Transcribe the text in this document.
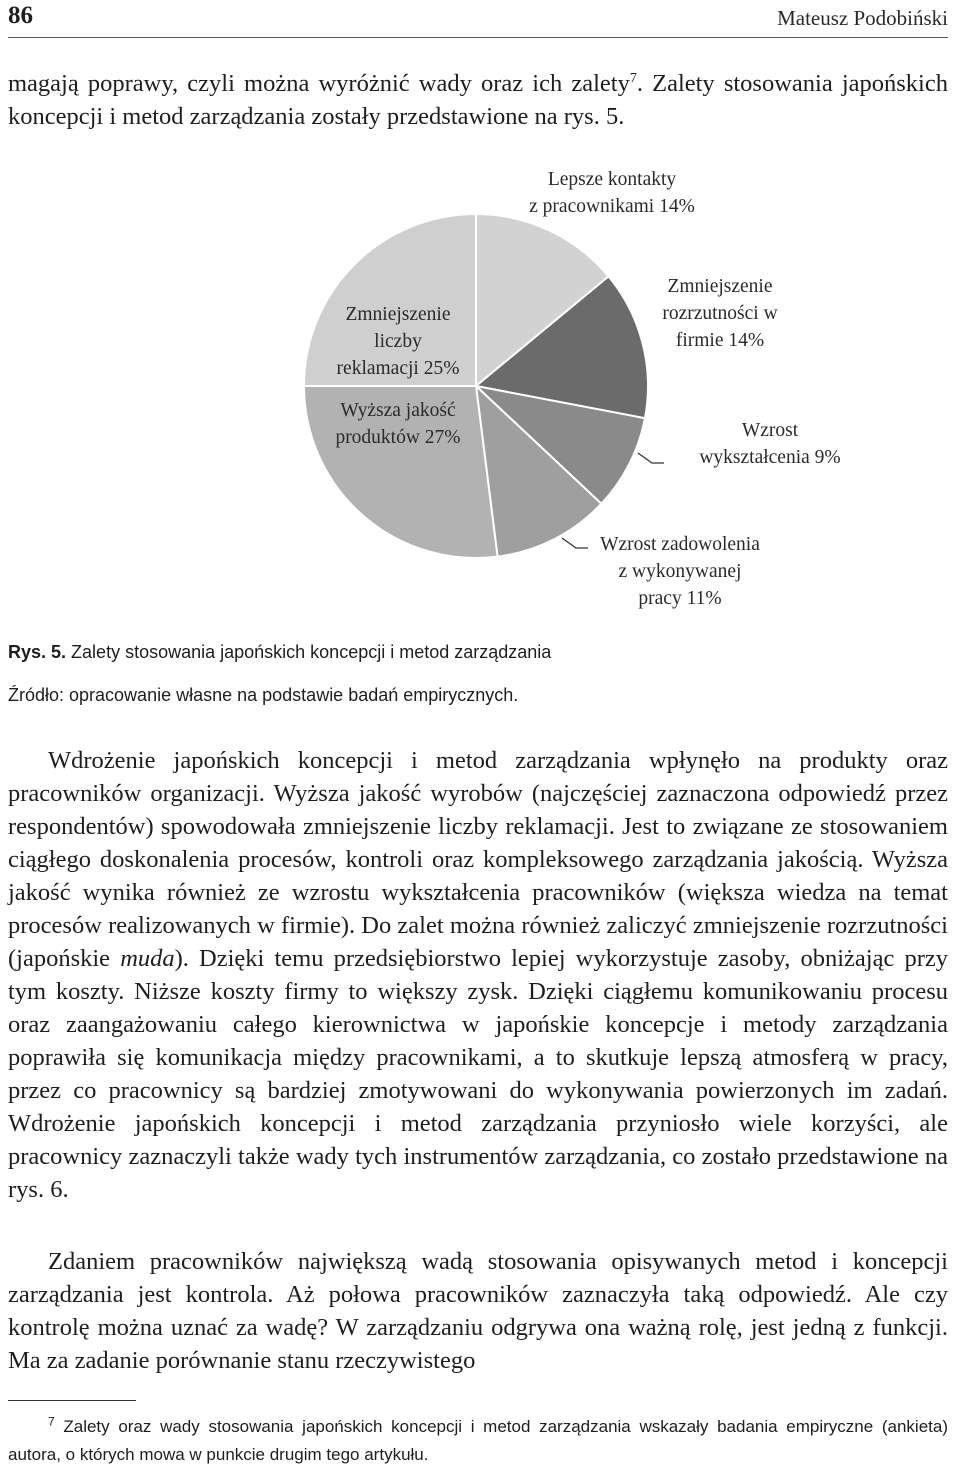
86	Mateusz Podobiński

magają poprawy, czyli można wyróżnić wady oraz ich zalety$^7$. Zalety stosowania japońskich koncepcji i metod zarządzania zostały przedstawione na rys. 5.

Lepsze kontakty z pracownikami 14%
Zmniejszenie rozrzutności w firmie 14%
Wzrost wykształcenia 9%
Wzrost zadowolenia z wykonywanej pracy 11%
Wyższa jakość produktów 27%
Zmniejszenie liczby reklamacji 25%
Rys. 5. Zalety stosowania japońskich koncepcji i metod zarządzania
Źródło: opracowanie własne na podstawie badań empirycznych.

Wdrożenie japońskich koncepcji i metod zarządzania wpłynęło na produkty oraz pracowników organizacji. Wyższa jakość wyrobów (najczęściej zaznaczona odpowiedź przez respondentów) spowodowała zmniejszenie liczby reklamacji. Jest to związane ze stosowaniem ciągłego doskonalenia procesów, kontroli oraz kompleksowego zarządzania jakością. Wyższa jakość wynika również ze wzrostu wykształcenia pracowników (większa wiedza na temat procesów realizowanych w firmie). Do zalet można również zaliczyć zmniejszenie rozrzutności (japońskie muda). Dzięki temu przedsiębiorstwo lepiej wykorzystuje zasoby, obniżając przy tym koszty. Niższe koszty firmy to większy zysk. Dzięki ciągłemu komunikowaniu procesu oraz zaangażowaniu całego kierownictwa w japońskie koncepcje i metody zarządzania poprawiła się komunikacja między pracownikami, a to skutkuje lepszą atmosferą w pracy, przez co pracownicy są bardziej zmotywowani do wykonywania powierzonych im zadań. Wdrożenie japońskich koncepcji i metod zarządzania przyniosło wiele korzyści, ale pracownicy zaznaczyli także wady tych instrumentów zarządzania, co zostało przedstawione na rys. 6.

Zdaniem pracowników największą wadą stosowania opisywanych metod i koncepcji zarządzania jest kontrola. Aż połowa pracowników zaznaczyła taką odpowiedź. Ale czy kontrolę można uznać za wadę? W zarządzaniu odgrywa ona ważną rolę, jest jedną z funkcji. Ma za zadanie porównanie stanu rzeczywistego

$^7$ Zalety oraz wady stosowania japońskich koncepcji i metod zarządzania wskazały badania empiryczne (ankieta) autora, o których mowa w punkcie drugim tego artykułu.
